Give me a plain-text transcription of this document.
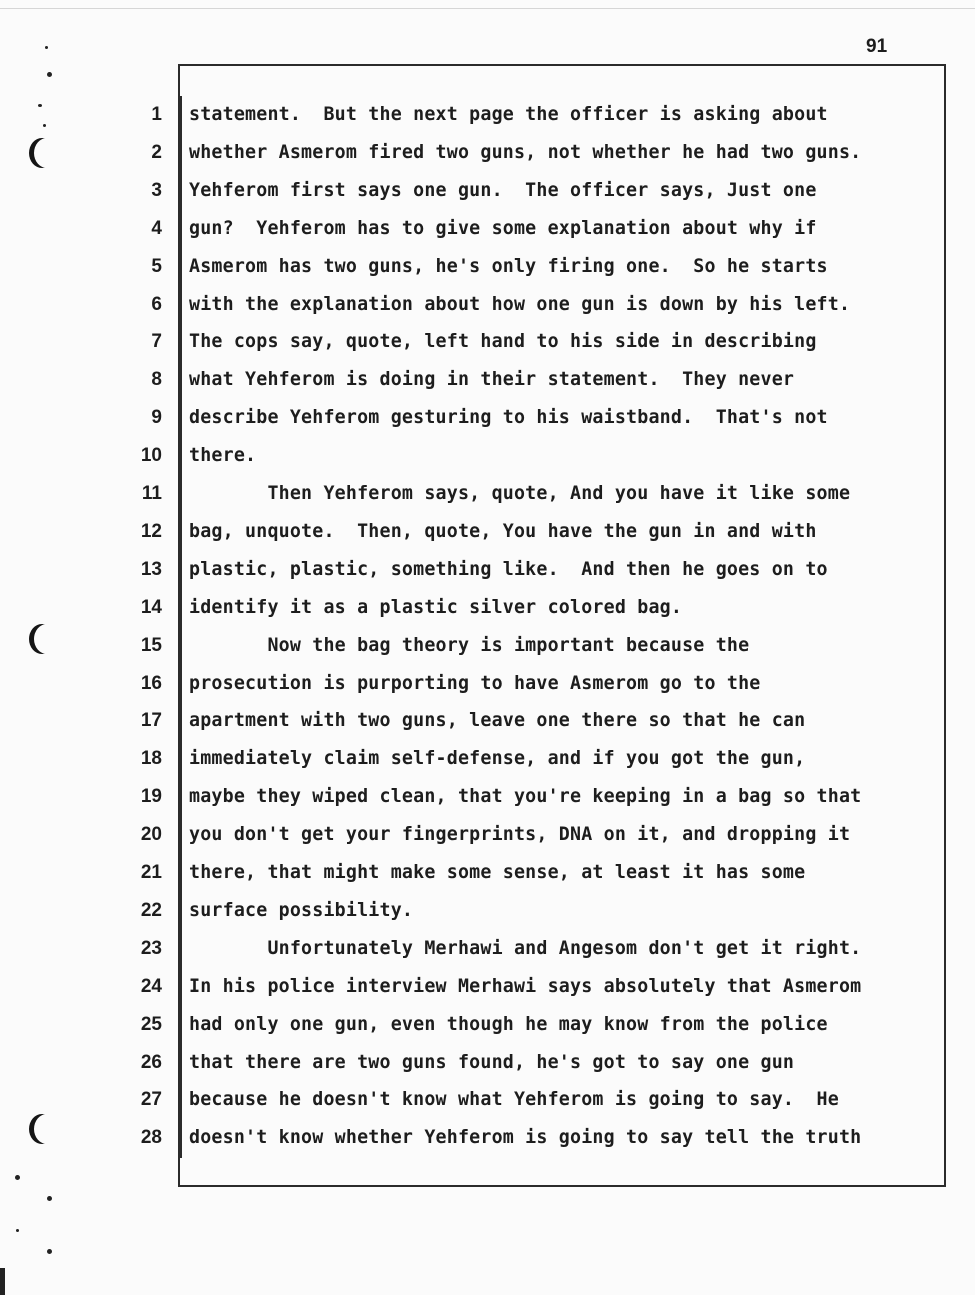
91
1 statement.  But the next page the officer is asking about
2 whether Asmerom fired two guns, not whether he had two guns.
3 Yehferom first says one gun.  The officer says, Just one
4 gun?  Yehferom has to give some explanation about why if
5 Asmerom has two guns, he's only firing one.  So he starts
6 with the explanation about how one gun is down by his left.
7 The cops say, quote, left hand to his side in describing
8 what Yehferom is doing in their statement.  They never
9 describe Yehferom gesturing to his waistband.  That's not
10 there.
11 Then Yehferom says, quote, And you have it like some
12 bag, unquote.  Then, quote, You have the gun in and with
13 plastic, plastic, something like.  And then he goes on to
14 identify it as a plastic silver colored bag.
15 Now the bag theory is important because the
16 prosecution is purporting to have Asmerom go to the
17 apartment with two guns, leave one there so that he can
18 immediately claim self-defense, and if you got the gun,
19 maybe they wiped clean, that you're keeping in a bag so that
20 you don't get your fingerprints, DNA on it, and dropping it
21 there, that might make some sense, at least it has some
22 surface possibility.
23 Unfortunately Merhawi and Angesom don't get it right.
24 In his police interview Merhawi says absolutely that Asmerom
25 had only one gun, even though he may know from the police
26 that there are two guns found, he's got to say one gun
27 because he doesn't know what Yehferom is going to say.  He
28 doesn't know whether Yehferom is going to say tell the truth
